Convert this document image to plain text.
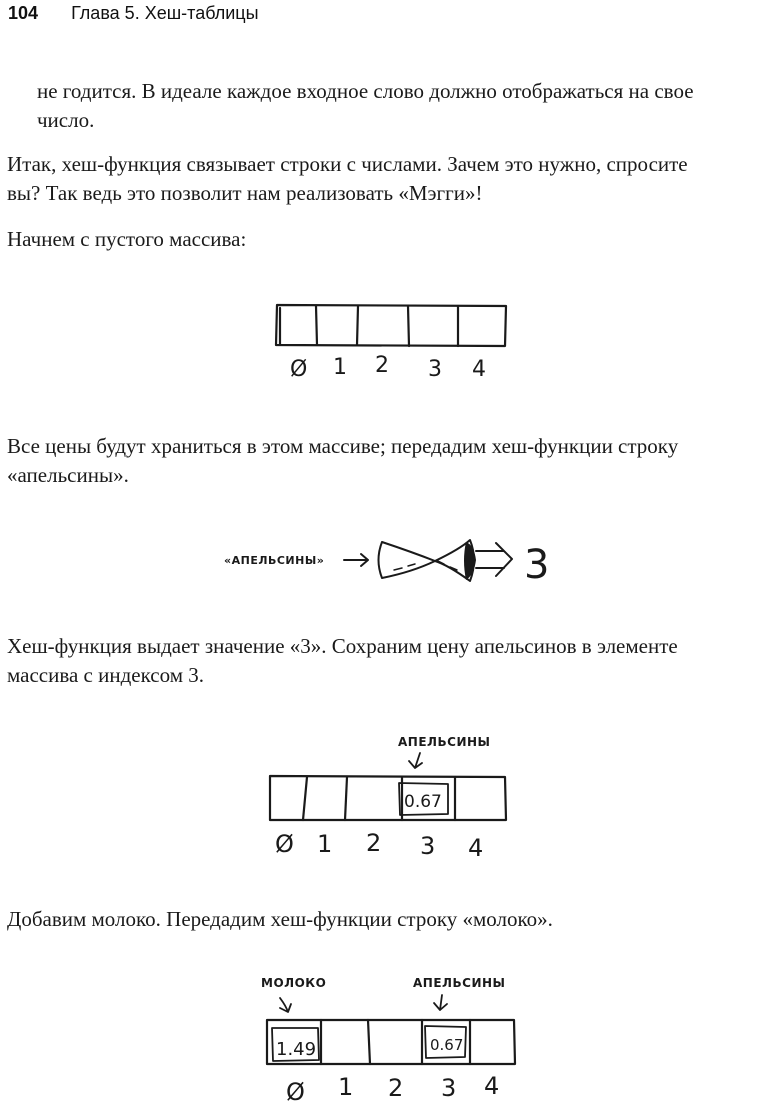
104 Глава 5. Хеш-таблицы

не годится. В идеале каждое входное слово должно отображаться на свое
число.

Итак, хеш-функция связывает строки с числами. Зачем это нужно, спросите
вы? Так ведь это позволит нам реализовать «Мэгги»!

Начнем с пустого массива:

Ø 1 2 3 4

Все цены будут храниться в этом массиве; передадим хеш-функции строку
«апельсины».

«АПЕЛЬСИНЫ»	3

Хеш-функция выдает значение «3». Сохраним цену апельсинов в элементе
массива с индексом 3.

АПЕЛЬСИНЫ
0.67
Ø 1 2 3 4

Добавим молоко. Передадим хеш-функции строку «молоко».

МОЛОКО	АПЕЛЬСИНЫ
1.49	0.67
Ø 1 2 3 4
